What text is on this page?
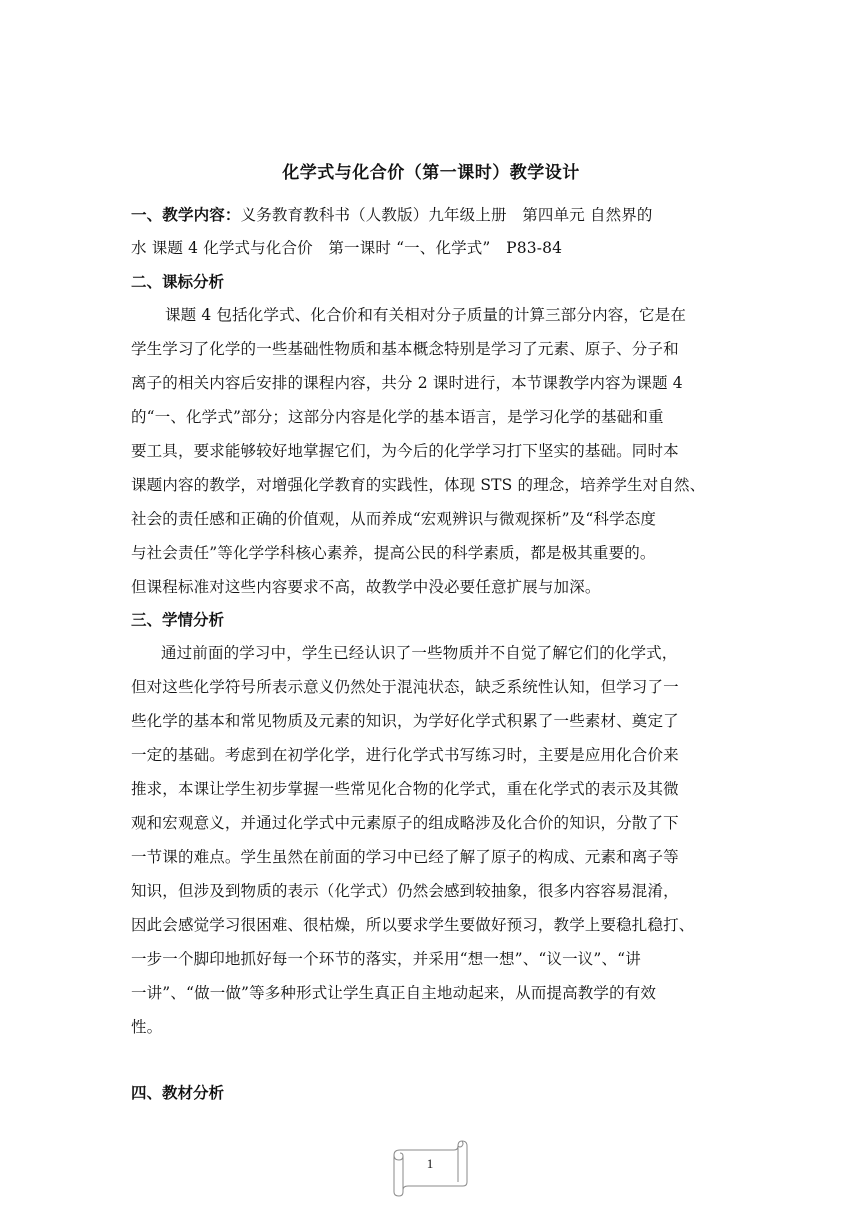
化学式与化合价（第一课时）教学设计
一、教学内容：义务教育教科书（人教版）九年级上册　第四单元 自然界的
水 课题 4 化学式与化合价　第一课时 “一、化学式”　P83-84
二、课标分析
课题 4 包括化学式、化合价和有关相对分子质量的计算三部分内容，它是在
学生学习了化学的一些基础性物质和基本概念特别是学习了元素、原子、分子和
离子的相关内容后安排的课程内容，共分 2 课时进行，本节课教学内容为课题 4
的“一、化学式”部分；这部分内容是化学的基本语言，是学习化学的基础和重
要工具，要求能够较好地掌握它们，为今后的化学学习打下坚实的基础。同时本
课题内容的教学，对增强化学教育的实践性，体现 STS 的理念，培养学生对自然、
社会的责任感和正确的价值观，从而养成“宏观辨识与微观探析”及“科学态度
与社会责任”等化学学科核心素养，提高公民的科学素质，都是极其重要的。
但课程标准对这些内容要求不高，故教学中没必要任意扩展与加深。
三、学情分析
通过前面的学习中，学生已经认识了一些物质并不自觉了解它们的化学式，
但对这些化学符号所表示意义仍然处于混沌状态，缺乏系统性认知，但学习了一
些化学的基本和常见物质及元素的知识，为学好化学式积累了一些素材、奠定了
一定的基础。考虑到在初学化学，进行化学式书写练习时，主要是应用化合价来
推求，本课让学生初步掌握一些常见化合物的化学式，重在化学式的表示及其微
观和宏观意义，并通过化学式中元素原子的组成略涉及化合价的知识，分散了下
一节课的难点。学生虽然在前面的学习中已经了解了原子的构成、元素和离子等
知识，但涉及到物质的表示（化学式）仍然会感到较抽象，很多内容容易混淆，
因此会感觉学习很困难、很枯燥，所以要求学生要做好预习，教学上要稳扎稳打、
一步一个脚印地抓好每一个环节的落实，并采用“想一想”、“议一议”、“讲
一讲”、“做一做”等多种形式让学生真正自主地动起来，从而提高教学的有效
性。
四、教材分析
1
